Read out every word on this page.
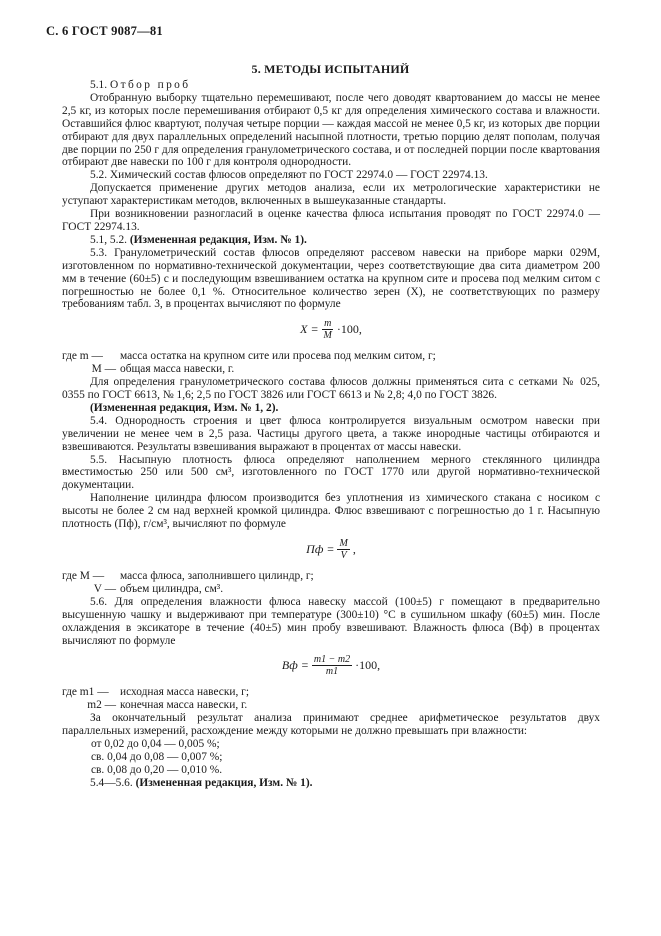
С. 6 ГОСТ 9087—81
5. МЕТОДЫ ИСПЫТАНИЙ

5.1. Отбор проб

Отобранную выборку тщательно перемешивают, после чего доводят квартованием до массы не менее 2,5 кг, из которых после перемешивания отбирают 0,5 кг для определения химического состава и влажности. Оставшийся флюс квартуют, получая четыре порции — каждая массой не менее 0,5 кг, из которых две порции отбирают для двух параллельных определений насыпной плотности, третью порцию делят пополам, получая две порции по 250 г для определения гранулометрического состава, и от последней порции после квартования отбирают две навески по 100 г для контроля однородности.

5.2. Химический состав флюсов определяют по ГОСТ 22974.0 — ГОСТ 22974.13.

Допускается применение других методов анализа, если их метрологические характеристики не уступают характеристикам методов, включенных в вышеуказанные стандарты.

При возникновении разногласий в оценке качества флюса испытания проводят по ГОСТ 22974.0 — ГОСТ 22974.13.

5.1, 5.2. (Измененная редакция, Изм. № 1).

5.3. Гранулометрический состав флюсов определяют рассевом навески на приборе марки 029М, изготовленном по нормативно-технической документации, через соответствующие два сита диаметром 200 мм в течение (60±5) с и последующим взвешиванием остатка на крупном сите и просева под мелким ситом с погрешностью не более 0,1 %. Относительное количество зерен (X), не соответствующих по размеру требованиям табл. 3, в процентах вычисляют по формуле

$X = \frac{m}{M} \cdot 100$,
где m —	масса остатка на крупном сите или просева под мелким ситом, г;
M — общая масса навески, г.

Для определения гранулометрического состава флюсов должны применяться сита с сетками № 025, 0355 по ГОСТ 6613, № 1,6; 2,5 по ГОСТ 3826 или ГОСТ 6613 и № 2,8; 4,0 по ГОСТ 3826.

(Измененная редакция, Изм. № 1, 2).

5.4. Однородность строения и цвет флюса контролируется визуальным осмотром навески при увеличении не менее чем в 2,5 раза. Частицы другого цвета, а также инородные частицы отбираются и взвешиваются. Результаты взвешивания выражают в процентах от массы навески.

5.5. Насыпную плотность флюса определяют наполнением мерного стеклянного цилиндра вместимостью 250 или 500 см³, изготовленного по ГОСТ 1770 или другой нормативно-технической документации.

Наполнение цилиндра флюсом производится без уплотнения из химического стакана с носиком с высоты не более 2 см над верхней кромкой цилиндра. Флюс взвешивают с погрешностью до 1 г. Насыпную плотность (Пф), г/см³, вычисляют по формуле

Пф = $\frac{M}{V}$ ,
где M —	масса флюса, заполнившего цилиндр, г;
V — объем цилиндра, см³.

5.6. Для определения влажности флюса навеску массой (100±5) г помещают в предварительно высушенную чашку и выдерживают при температуре (300±10) °С в сушильном шкафу (60±5) мин. После охлаждения в эксикаторе в течение (40±5) мин пробу взвешивают. Влажность флюса (Вф) в процентах вычисляют по формуле

Вф = $\frac{m1 - m2}{m1} \cdot 100$,
где m1 — исходная масса навески, г;
m2 — конечная масса навески, г.

За окончательный результат анализа принимают среднее арифметическое результатов двух параллельных измерений, расхождение между которыми не должно превышать при влажности:

от 0,02 до 0,04 — 0,005 %;
св. 0,04 до 0,08 — 0,007 %;
св. 0,08 до 0,20 — 0,010 %.

5.4—5.6. (Измененная редакция, Изм. № 1).
